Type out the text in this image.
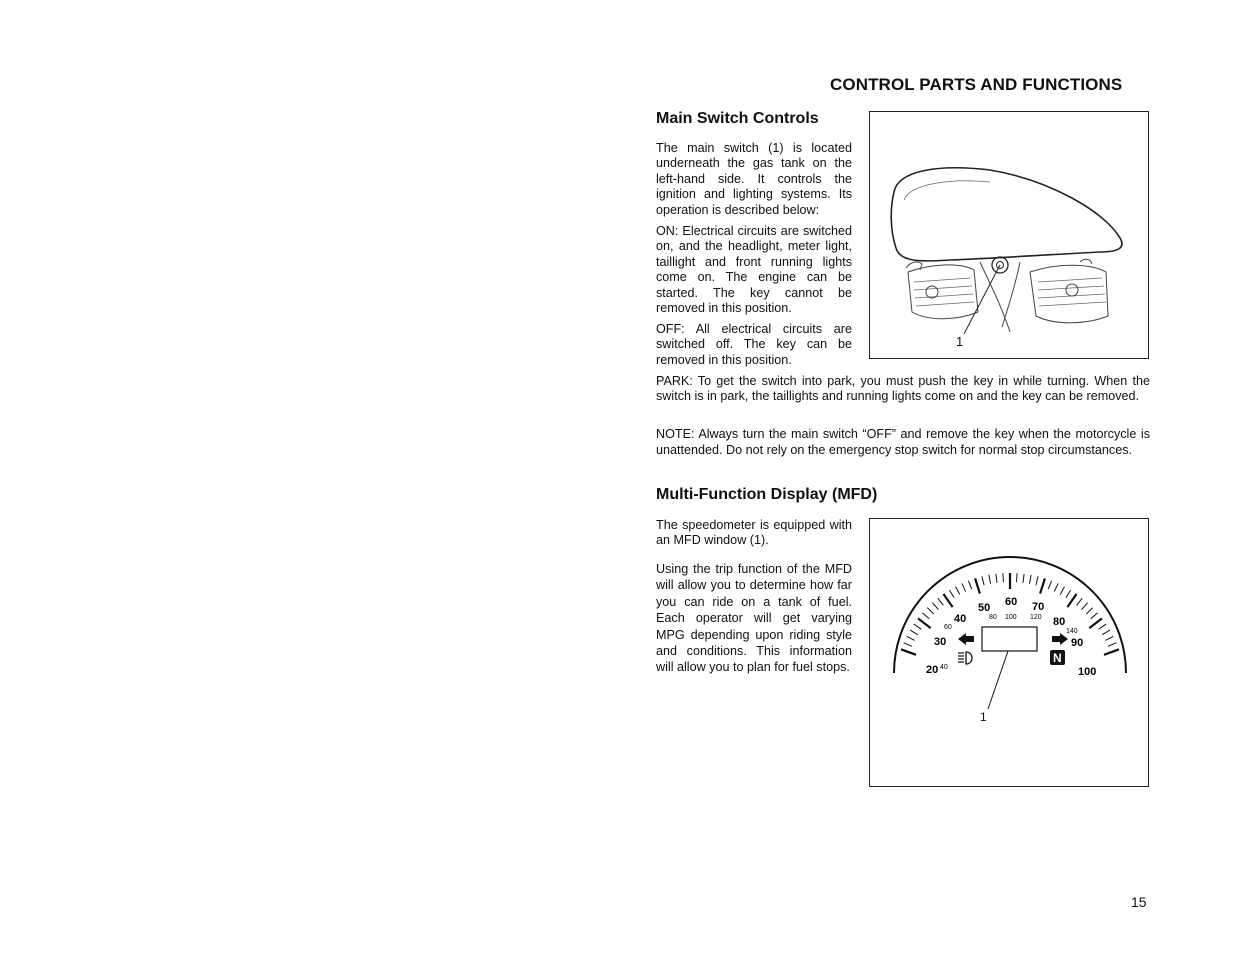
CONTROL PARTS AND FUNCTIONS
Main Switch Controls

The main switch (1) is located underneath the gas tank on the left-hand side. It controls the ignition and lighting systems. Its operation is described below:

ON: Electrical circuits are switched on, and the headlight, meter light, taillight and front running lights come on. The engine can be started. The key cannot be removed in this position.

OFF: All electrical circuits are switched off. The key can be removed in this position.

PARK: To get the switch into park, you must push the key in while turning. When the switch is in park, the taillights and running lights come on and the key can be removed.

NOTE: Always turn the main switch “OFF” and remove the key when the motorcycle is unattended. Do not rely on the emergency stop switch for normal stop circumstances.

1
Multi-Function Display (MFD)

The speedometer is equipped with an MFD window (1).

Using the trip function of the MFD will allow you to determine how far you can ride on a tank of fuel. Each operator will get varying MPG depending upon riding style and conditions. This information will allow you to plan for fuel stops.	20
30
40
50 60 70
80
90
100
40
60
80 100 120
140
N
1
15
